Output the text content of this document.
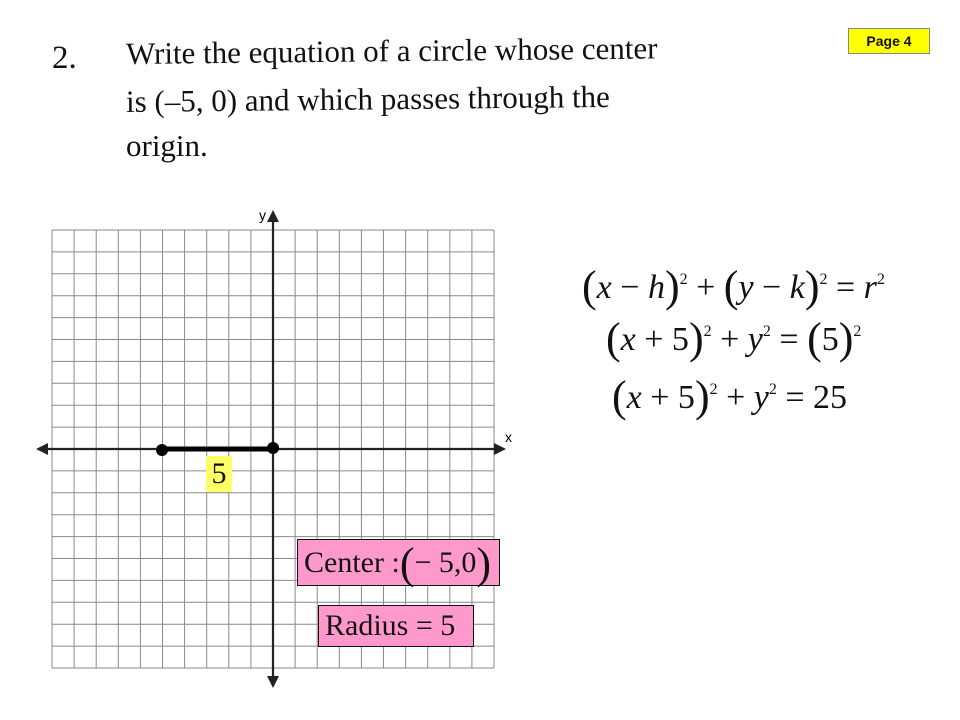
Page 4
2. Write the equation of a circle whose center
is (–5, 0) and which passes through the
origin.
x
y
5
$(x - h)^2 + (y - k)^2 = r^2$
$(x + 5)^2 + y^2 = (5)^2$
$(x + 5)^2 + y^2 = 25$
Center : ( − 5,0 )
Radius = 5
